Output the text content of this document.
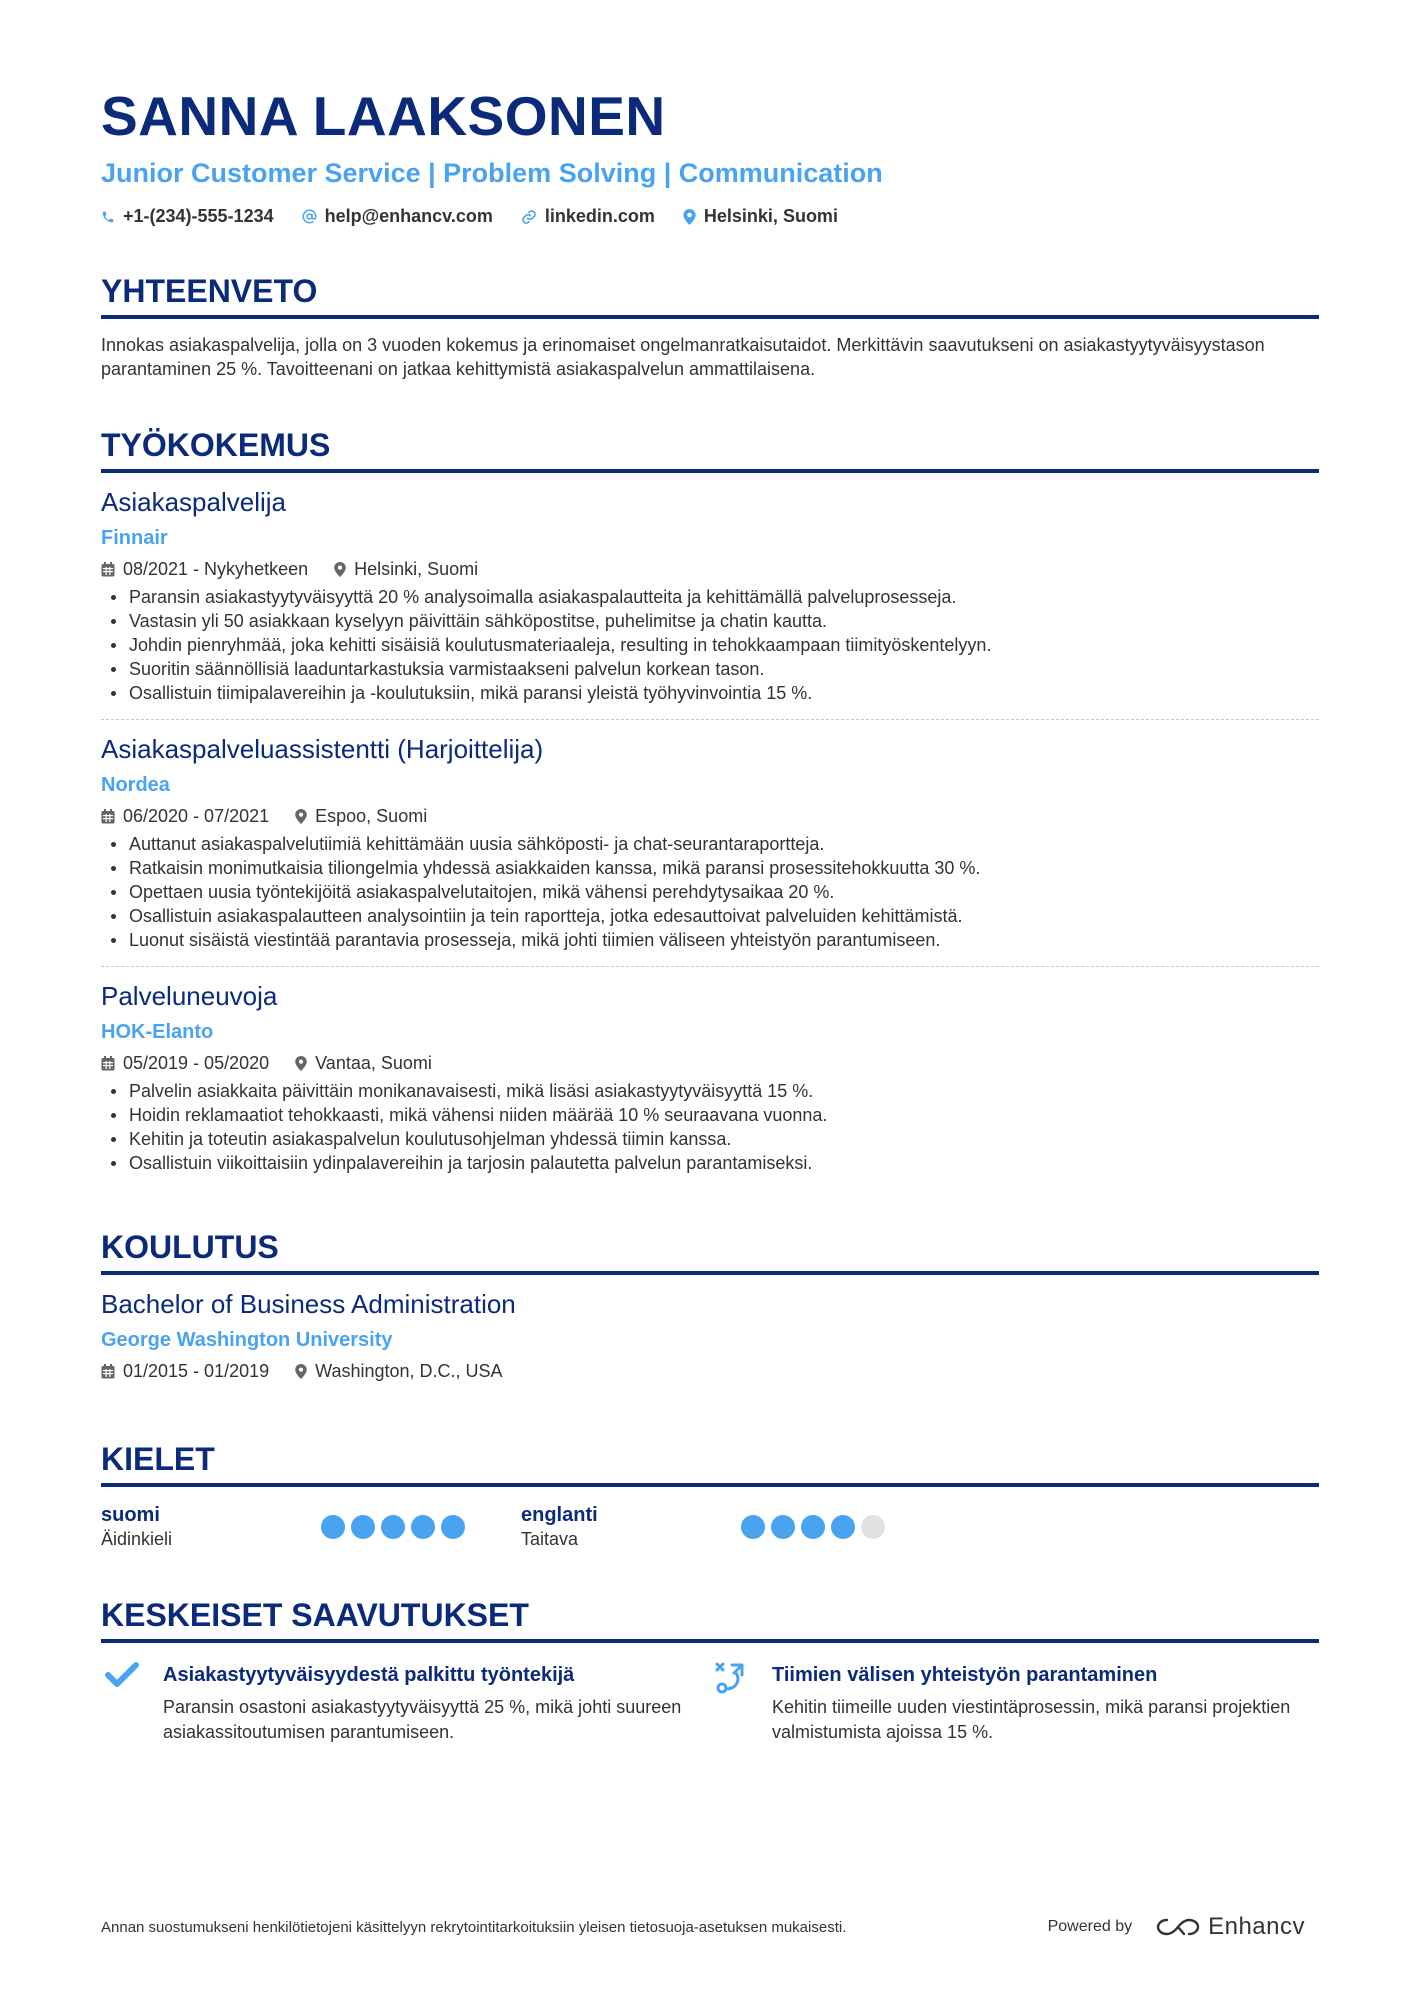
SANNA LAAKSONEN
Junior Customer Service | Problem Solving | Communication
+1-(234)-555-1234	help@enhancv.com	linkedin.com	Helsinki, Suomi
YHTEENVETO
Innokas asiakaspalvelija, jolla on 3 vuoden kokemus ja erinomaiset ongelmanratkaisutaidot. Merkittävin saavutukseni on asiakastyytyväisyystason parantaminen 25 %. Tavoitteenani on jatkaa kehittymistä asiakaspalvelun ammattilaisena.
TYÖKOKEMUS
Asiakaspalvelija
Finnair
08/2021 - Nykyhetkeen	Helsinki, Suomi
Paransin asiakastyytyväisyyttä 20 % analysoimalla asiakaspalautteita ja kehittämällä palveluprosesseja.
Vastasin yli 50 asiakkaan kyselyyn päivittäin sähköpostitse, puhelimitse ja chatin kautta.
Johdin pienryhmää, joka kehitti sisäisiä koulutusmateriaaleja, resulting in tehokkaampaan tiimityöskentelyyn.
Suoritin säännöllisiä laaduntarkastuksia varmistaakseni palvelun korkean tason.
Osallistuin tiimipalavereihin ja -koulutuksiin, mikä paransi yleistä työhyvinvointia 15 %.
Asiakaspalveluassistentti (Harjoittelija)
Nordea
06/2020 - 07/2021	Espoo, Suomi
Auttanut asiakaspalvelutiimiä kehittämään uusia sähköposti- ja chat-seurantaraportteja.
Ratkaisin monimutkaisia tiliongelmia yhdessä asiakkaiden kanssa, mikä paransi prosessitehokkuutta 30 %.
Opettaen uusia työntekijöitä asiakaspalvelutaitojen, mikä vähensi perehdytysaikaa 20 %.
Osallistuin asiakaspalautteen analysointiin ja tein raportteja, jotka edesauttoivat palveluiden kehittämistä.
Luonut sisäistä viestintää parantavia prosesseja, mikä johti tiimien väliseen yhteistyön parantumiseen.
Palveluneuvoja
HOK-Elanto
05/2019 - 05/2020	Vantaa, Suomi
Palvelin asiakkaita päivittäin monikanavaisesti, mikä lisäsi asiakastyytyväisyyttä 15 %.
Hoidin reklamaatiot tehokkaasti, mikä vähensi niiden määrää 10 % seuraavana vuonna.
Kehitin ja toteutin asiakaspalvelun koulutusohjelman yhdessä tiimin kanssa.
Osallistuin viikoittaisiin ydinpalavereihin ja tarjosin palautetta palvelun parantamiseksi.
KOULUTUS
Bachelor of Business Administration
George Washington University
01/2015 - 01/2019	Washington, D.C., USA
KIELET
suomi
Äidinkieli
englanti
Taitava
KESKEISET SAAVUTUKSET
Asiakastyytyväisyydestä palkittu työntekijä
Paransin osastoni asiakastyytyväisyyttä 25 %, mikä johti suureen asiakassitoutumisen parantumiseen.
Tiimien välisen yhteistyön parantaminen
Kehitin tiimeille uuden viestintäprosessin, mikä paransi projektien valmistumista ajoissa 15 %.
Annan suostumukseni henkilötietojeni käsittelyyn rekrytointitarkoituksiin yleisen tietosuoja-asetuksen mukaisesti.	Powered by	Enhancv
